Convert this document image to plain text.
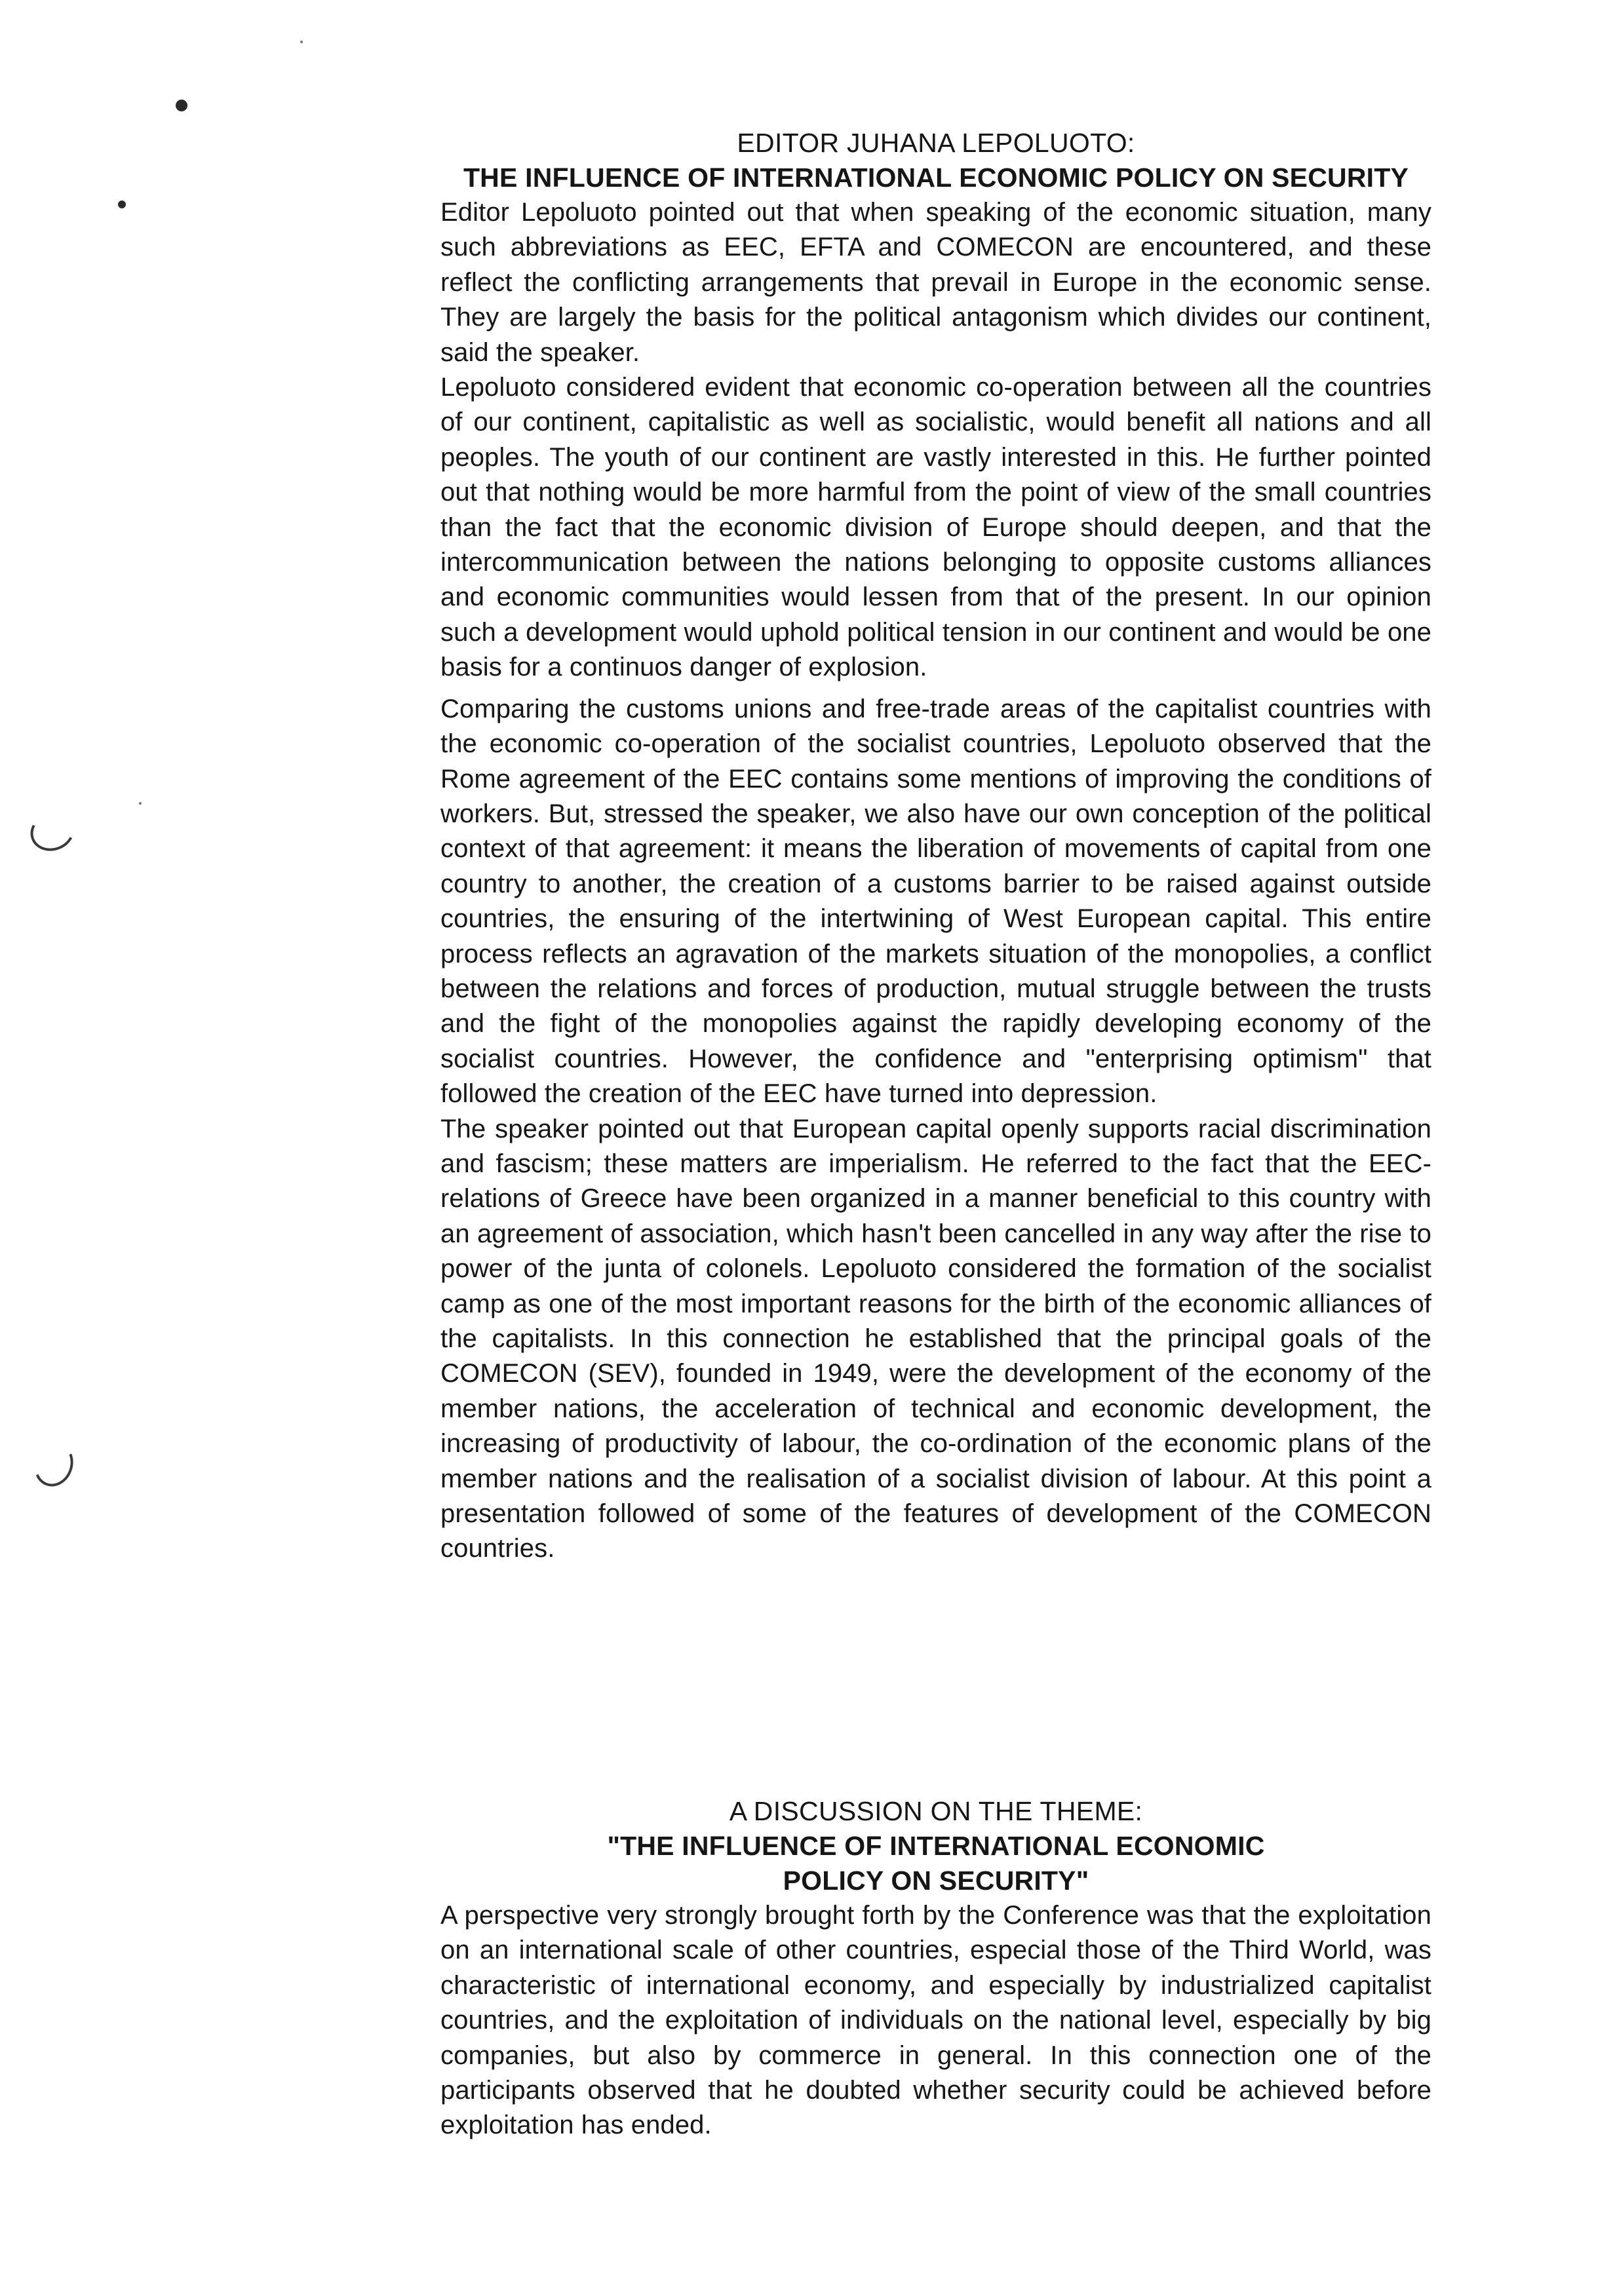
EDITOR JUHANA LEPOLUOTO:

THE INFLUENCE OF INTERNATIONAL ECONOMIC POLICY ON SECURITY

Editor Lepoluoto pointed out that when speaking of the economic situation, many such abbreviations as EEC, EFTA and COMECON are encountered, and these reflect the conflicting arrangements that prevail in Europe in the economic sense. They are largely the basis for the political antagonism which divides our continent, said the speaker.

Lepoluoto considered evident that economic co-operation between all the countries of our continent, capitalistic as well as socialistic, would benefit all nations and all peoples. The youth of our continent are vastly interested in this. He further pointed out that nothing would be more harmful from the point of view of the small countries than the fact that the economic division of Europe should deepen, and that the intercommunication between the nations belonging to opposite customs alliances and economic communities would lessen from that of the present. In our opinion such a development would uphold political tension in our continent and would be one basis for a continuos danger of explosion.

Comparing the customs unions and free-trade areas of the capitalist countries with the economic co-operation of the socialist countries, Lepoluoto observed that the Rome agreement of the EEC contains some mentions of improving the conditions of workers. But, stressed the speaker, we also have our own conception of the political context of that agreement: it means the liberation of movements of capital from one country to another, the creation of a customs barrier to be raised against outside countries, the ensuring of the intertwining of West European capital. This entire process reflects an agravation of the markets situation of the monopolies, a conflict between the relations and forces of production, mutual struggle between the trusts and the fight of the monopolies against the rapidly developing economy of the socialist countries. However, the confidence and "enterprising optimism" that followed the creation of the EEC have turned into depression.

The speaker pointed out that European capital openly supports racial discrimination and fascism; these matters are imperialism. He referred to the fact that the EEC-relations of Greece have been organized in a manner beneficial to this country with an agreement of association, which hasn't been cancelled in any way after the rise to power of the junta of colonels. Lepoluoto considered the formation of the socialist camp as one of the most important reasons for the birth of the economic alliances of the capitalists. In this connection he established that the principal goals of the COMECON (SEV), founded in 1949, were the development of the economy of the member nations, the acceleration of technical and economic development, the increasing of productivity of labour, the co-ordination of the economic plans of the member nations and the realisation of a socialist division of labour. At this point a presentation followed of some of the features of development of the COMECON countries.

A DISCUSSION ON THE THEME:

"THE INFLUENCE OF INTERNATIONAL ECONOMIC

POLICY ON SECURITY"

A perspective very strongly brought forth by the Conference was that the exploitation on an international scale of other countries, especial those of the Third World, was characteristic of international economy, and especially by industrialized capitalist countries, and the exploitation of individuals on the national level, especially by big companies, but also by commerce in general. In this connection one of the participants observed that he doubted whether security could be achieved before exploitation has ended.
